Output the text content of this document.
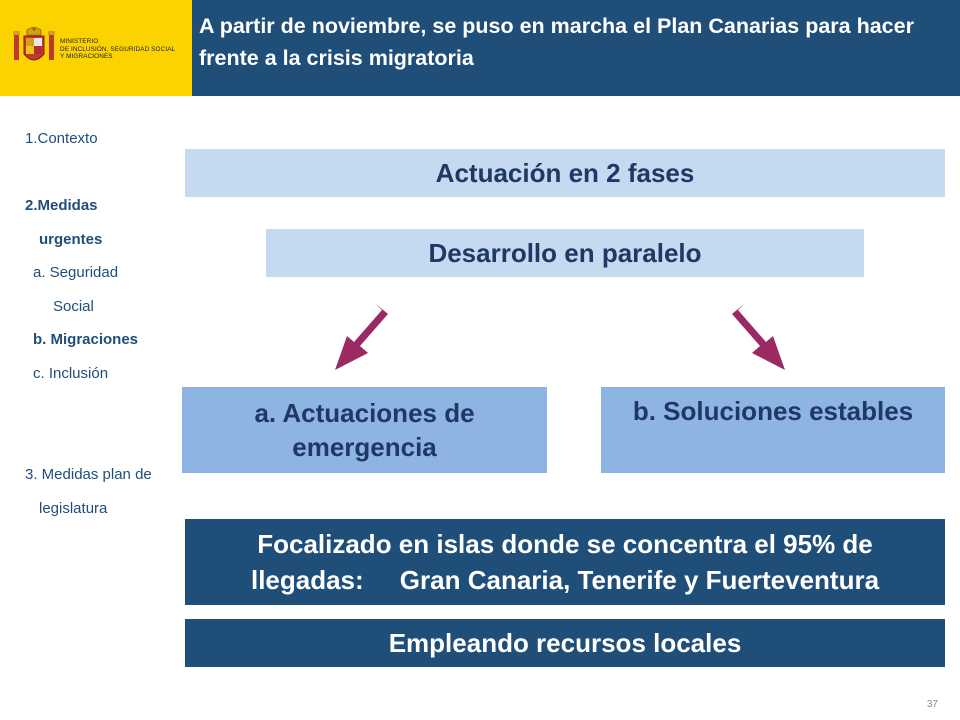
MINISTERIO
DE INCLUSIÓN, SEGURIDAD SOCIAL
Y MIGRACIONES
A partir de noviembre, se puso en marcha el Plan Canarias para hacer frente a la crisis migratoria
1.Contexto
2.Medidas
urgentes
a. Seguridad
Social
b. Migraciones
c. Inclusión
3. Medidas plan de
legislatura
Actuación en 2 fases
Desarrollo en paralelo
a. Actuaciones de
emergencia
b. Soluciones estables
Focalizado en islas donde se concentra el 95% de
llegadas:     Gran Canaria, Tenerife y Fuerteventura
Empleando recursos locales
37
